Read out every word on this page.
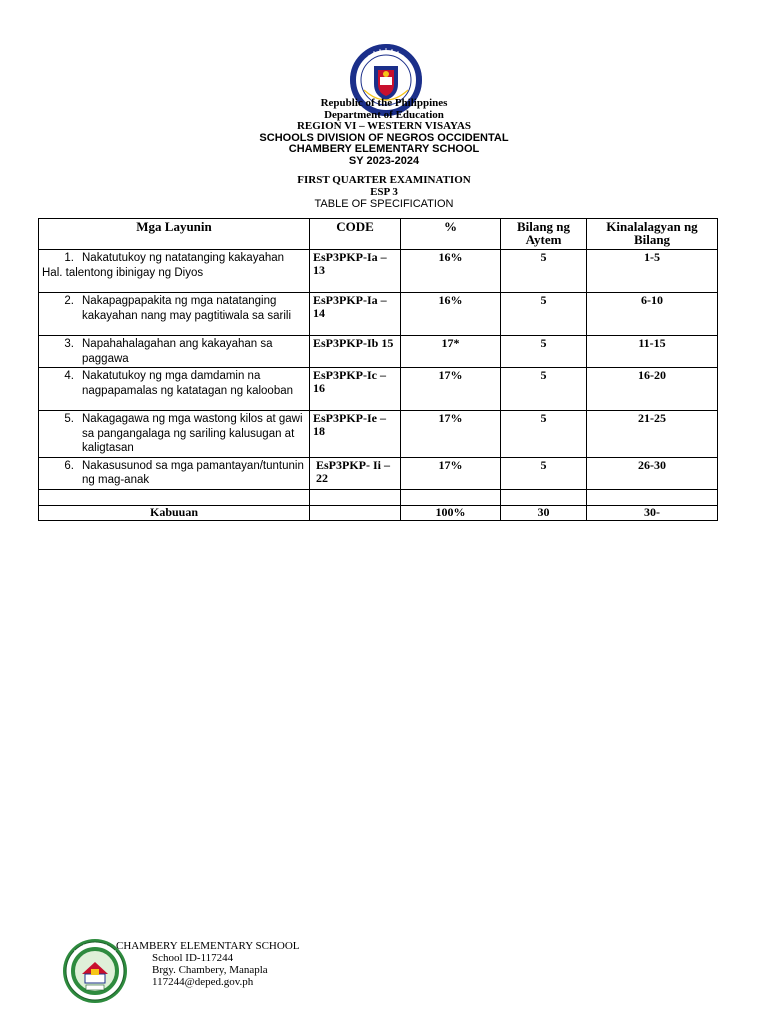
Republic of the Philippines
Department of Education
REGION VI – WESTERN VISAYAS
SCHOOLS DIVISION OF NEGROS OCCIDENTAL
CHAMBERY ELEMENTARY SCHOOL
SY 2023-2024
FIRST QUARTER EXAMINATION
ESP 3
TABLE OF SPECIFICATION
Mga Layunin	CODE	%	Bilang ng Aytem	Kinalalagyan ng Bilang

1. Nakatutukoy ng natatanging kakayahan
Hal. talentong ibinigay ng Diyos	EsP3PKP-Ia – 13	16%	5	1-5

2. Nakapagpapakita ng mga natatanging kakayahan nang may pagtitiwala sa sarili	EsP3PKP-Ia – 14	16%	5	6-10

3. Napahahalagahan ang kakayahan sa paggawa	EsP3PKP-Ib 15	17*	5	11-15

4. Nakatutukoy ng mga damdamin na nagpapamalas ng katatagan ng kalooban	EsP3PKP-Ic – 16	17%	5	16-20

5. Nakagagawa ng mga wastong kilos at gawi sa pangangalaga ng sariling kalusugan at kaligtasan	EsP3PKP-Ie – 18	17%	5	21-25

6. Nakasusunod sa mga pamantayan/tuntunin ng mag-anak	EsP3PKP- Ii – 22	17%	5	26-30

Kabuuan		100%	30	30-
CHAMBERY ELEMENTARY SCHOOL
School ID-117244
Brgy. Chambery, Manapla
117244@deped.gov.ph
